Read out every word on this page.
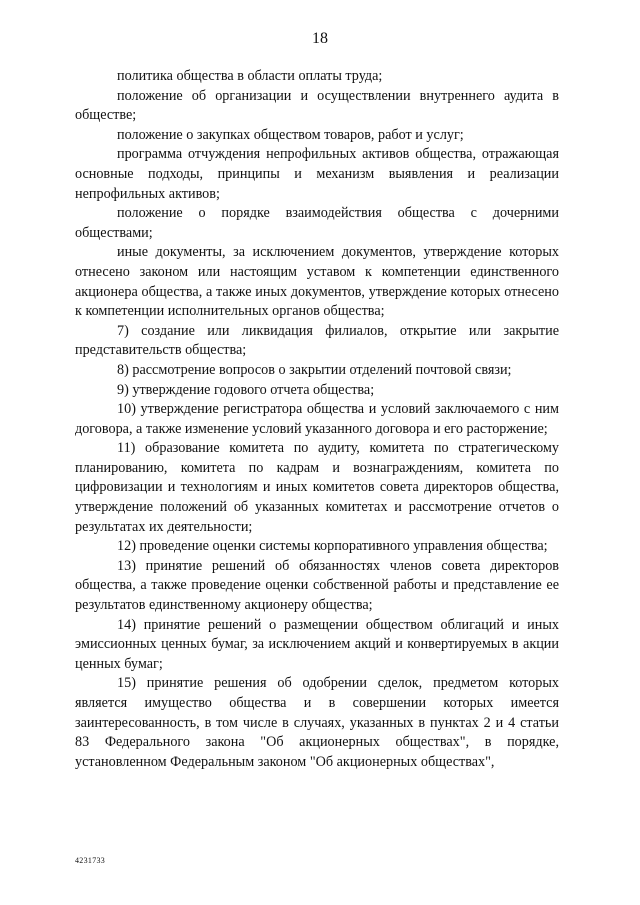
18

политика общества в области оплаты труда;

положение об организации и осуществлении внутреннего аудита в обществе;

положение о закупках обществом товаров, работ и услуг;

программа отчуждения непрофильных активов общества, отражающая основные подходы, принципы и механизм выявления и реализации непрофильных активов;

положение о порядке взаимодействия общества с дочерними обществами;

иные документы, за исключением документов, утверждение которых отнесено законом или настоящим уставом к компетенции единственного акционера общества, а также иных документов, утверждение которых отнесено к компетенции исполнительных органов общества;

7) создание или ликвидация филиалов, открытие или закрытие представительств общества;

8) рассмотрение вопросов о закрытии отделений почтовой связи;

9) утверждение годового отчета общества;

10) утверждение регистратора общества и условий заключаемого с ним договора, а также изменение условий указанного договора и его расторжение;

11) образование комитета по аудиту, комитета по стратегическому планированию, комитета по кадрам и вознаграждениям, комитета по цифровизации и технологиям и иных комитетов совета директоров общества, утверждение положений об указанных комитетах и рассмотрение отчетов о результатах их деятельности;

12) проведение оценки системы корпоративного управления общества;

13) принятие решений об обязанностях членов совета директоров общества, а также проведение оценки собственной работы и представление ее результатов единственному акционеру общества;

14) принятие решений о размещении обществом облигаций и иных эмиссионных ценных бумаг, за исключением акций и конвертируемых в акции ценных бумаг;

15) принятие решения об одобрении сделок, предметом которых является имущество общества и в совершении которых имеется заинтересованность, в том числе в случаях, указанных в пунктах 2 и 4 статьи 83 Федерального закона "Об акционерных обществах", в порядке, установленном Федеральным законом "Об акционерных обществах",

4231733
